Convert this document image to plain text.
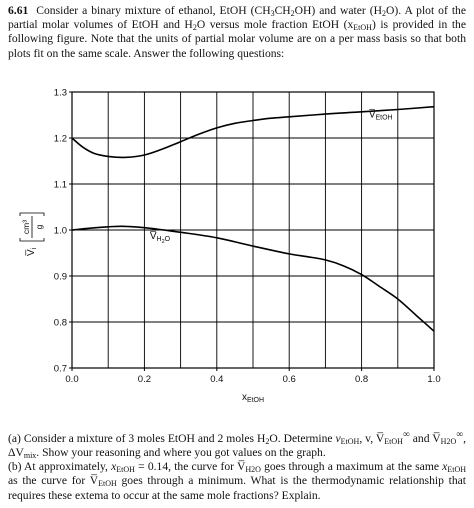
6.61 Consider a binary mixture of ethanol, EtOH $(CH_3CH_2OH)$ and water $(H_2O)$. A plot of the partial molar volumes of EtOH and $H_2O$ versus mole fraction EtOH $(x_{EtOH})$ is provided in the following figure. Note that the units of partial molar volume are on a per mass basis so that both plots fit on the same scale. Answer the following questions:
0.0	0.2	0.4	0.6	0.8	1.0
0.7
0.8
0.9
1.0
1.1
1.2
1.3
$V̅_{EtOH}$
$V̅_{H2}^O$
$x_{EtOH}$
$V̅_i$
cm³ g

(a) Consider a mixture of 3 moles EtOH and 2 moles $H_2O$. Determine $v_{EtOH}$, v, $V̅_{EtOH}^\infty$ and $V̅_{H2O}^\infty$, $\Delta V_{mix}$. Show your reasoning and where you got values on the graph.

(b) At approximately, $x_{EtOH} = 0.14$, the curve for $V̅_{H2O}$ goes through a maximum at the same $x_{EtOH}$ as the curve for $V̅_{EtOH}$ goes through a minimum. What is the thermodynamic relationship that requires these extema to occur at the same mole fractions? Explain.
